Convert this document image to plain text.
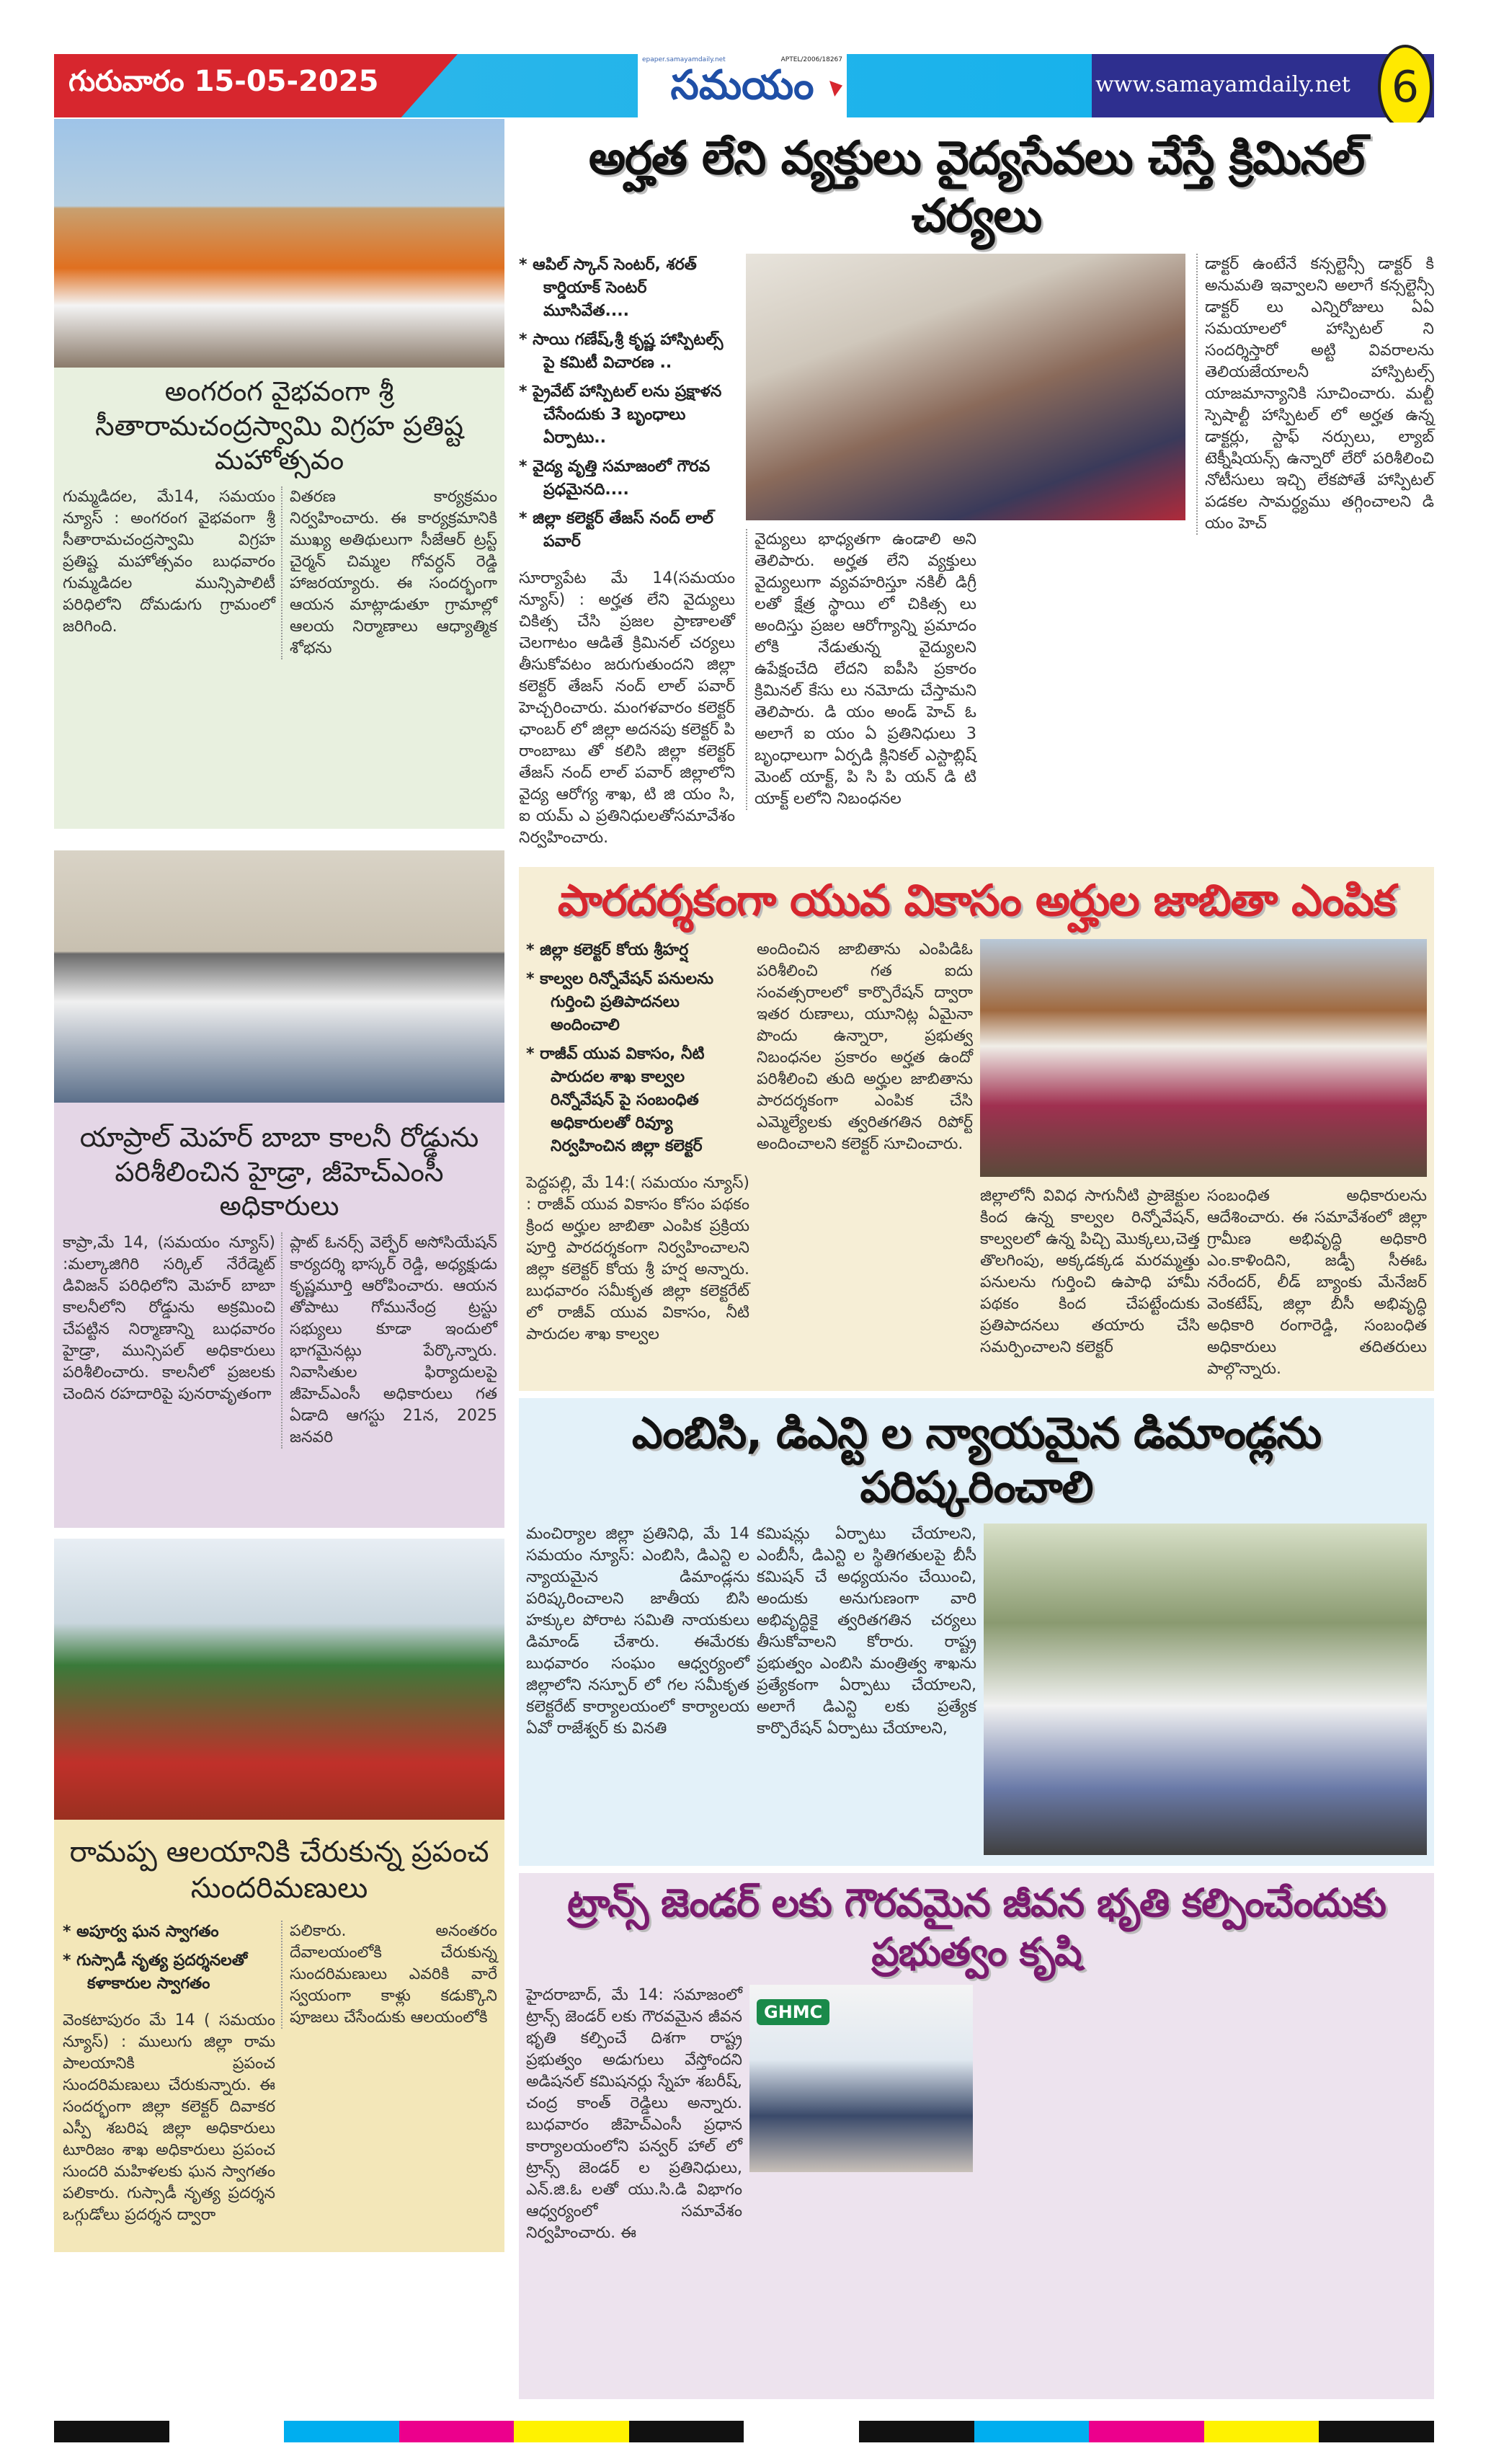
గురువారం 15-05-2025
epaper.samayamdaily.net	APTEL/2006/18267
సమయం	6
www.samayamdaily.net
అంగరంగ వైభవంగా శ్రీ సీతారామచంద్రస్వామి విగ్రహ ప్రతిష్ట మహోత్సవం
గుమ్మడిదల, మే14, సమయం న్యూస్ : అంగరంగ వైభవంగా శ్రీ సీతారామచంద్రస్వామి విగ్రహ ప్రతిష్ట మహోత్సవం బుధవారం గుమ్మడిదల మున్సిపాలిటీ పరిధిలోని దోమడుగు గ్రామంలో జరిగింది.
వితరణ కార్యక్రమం నిర్వహించారు. ఈ కార్యక్రమానికి ముఖ్య అతిథులుగా సీజేఆర్ ట్రస్ట్ చైర్మన్ చిమ్మల గోవర్ధన్ రెడ్డి హాజరయ్యారు. ఈ సందర్భంగా ఆయన మాట్లాడుతూ గ్రామాల్లో ఆలయ నిర్మాణాలు ఆధ్యాత్మిక శోభను
యాప్రాల్ మెహర్ బాబా కాలనీ రోడ్డును పరిశీలించిన హైడ్రా, జీహెచ్ఎంసీ అధికారులు
కాప్రా,మే 14, (సమయం న్యూస్) :మల్కాజిగిరి సర్కిల్ నేరేడ్మెట్ డివిజన్ పరిధిలోని మెహర్ బాబా కాలనీలోని రోడ్డును అక్రమించి చేపట్టిన నిర్మాణాన్ని బుధవారం హైడ్రా, మున్సిపల్ అధికారులు పరిశీలించారు. కాలనీలో ప్రజలకు చెందిన రహదారిపై పునరావృతంగా
ప్లాట్ ఓనర్స్ వెల్ఫేర్ అసోసియేషన్ కార్యదర్శి భాస్కర్ రెడ్డి, అధ్యక్షుడు కృష్ణమూర్తి ఆరోపించారు. ఆయన తోపాటు గోమునేంద్ర ట్రస్టు సభ్యులు కూడా ఇందులో భాగమైనట్లు పేర్కొన్నారు. నివాసితుల ఫిర్యాదులపై జీహెచ్ఎంసీ అధికారులు గత ఏడాది ఆగస్టు 21న, 2025 జనవరి
రామప్ప ఆలయానికి చేరుకున్న ప్రపంచ సుందరిమణులు
* అపూర్వ ఘన స్వాగతం
* గుస్సాడీ నృత్య ప్రదర్శనలతో కళాకారుల స్వాగతం
వెంకటాపురం మే 14 ( సమయం న్యూస్) : ములుగు జిల్లా రామ పాలయానికి ప్రపంచ సుందరిమణులు చేరుకున్నారు. ఈ సందర్భంగా జిల్లా కలెక్టర్ దివాకర ఎస్పీ శబరిష జిల్లా అధికారులు టూరిజం శాఖ అధికారులు ప్రపంచ సుందరి మహిళలకు ఘన స్వాగతం పలికారు. గుస్సాడీ నృత్య ప్రదర్శన ఒగ్గుడోలు ప్రదర్శన ద్వారా
పలికారు. అనంతరం దేవాలయంలోకి చేరుకున్న సుందరిమణులు ఎవరికి వారే స్వయంగా కాళ్లు కడుక్కొని పూజలు చేసేందుకు ఆలయంలోకి
అర్హత లేని వ్యక్తులు వైద్యసేవలు చేస్తే క్రిమినల్ చర్యలు
* ఆపిల్ స్కాన్ సెంటర్, శరత్ కార్డియాక్ సెంటర్ మూసివేత....
* సాయి గణేష్,శ్రీ కృష్ణ హాస్పిటల్స్ పై కమిటీ విచారణ ..
* ప్రైవేట్ హాస్పిటల్ లను ప్రక్షాళన చేసేందుకు 3 బృంధాలు ఏర్పాటు..
* వైద్య వృత్తి సమాజంలో గౌరవ ప్రధమైనది....
* జిల్లా కలెక్టర్ తేజస్ నంద్ లాల్ పవార్
సూర్యాపేట మే 14(సమయం న్యూస్) : అర్హత లేని వైద్యులు చికిత్స చేసి ప్రజల ప్రాణాలతో చెలగాటం ఆడితే క్రిమినల్ చర్యలు తీసుకోవటం జరుగుతుందని జిల్లా కలెక్టర్ తేజస్ నంద్ లాల్ పవార్ హెచ్చరించారు. మంగళవారం కలెక్టర్ ఛాంబర్ లో జిల్లా అదనపు కలెక్టర్ పి రాంబాబు తో కలిసి జిల్లా కలెక్టర్ తేజస్ నంద్ లాల్ పవార్ జిల్లాలోని వైద్య ఆరోగ్య శాఖ, టి జి యం సి, ఐ యమ్ ఎ ప్రతినిధులతోసమావేశం నిర్వహించారు.
వైద్యులు భాధ్యతగా ఉండాలి అని తెలిపారు. అర్హత లేని వ్యక్తులు వైద్యులుగా వ్యవహరిస్తూ నకిలీ డిగ్రీ లతో క్షేత్ర స్థాయి లో చికిత్స లు అందిస్తు ప్రజల ఆరోగ్యాన్ని ప్రమాదం లోకి నేడుతున్న వైద్యులని ఉపేక్షంచేది లేదని ఐపీసి ప్రకారం క్రిమినల్ కేసు లు నమోదు చేస్తామని తెలిపారు. డి యం అండ్ హెచ్ ఓ అలాగే ఐ యం ఏ ప్రతినిధులు 3 బృంధాలుగా ఏర్పడి క్లినికల్ ఎస్టాబ్లిష్ మెంట్ యాక్ట్, పి సి పి యన్ డి టి యాక్ట్ లలోని నిబంధనల
డాక్టర్ ఉంటేనే కన్సల్టెన్సీ డాక్టర్ కి అనుమతి ఇవ్వాలని అలాగే కన్సల్టెన్సీ డాక్టర్ లు ఎన్నిరోజులు ఏఏ సమయాలలో హాస్పిటల్ ని సందర్శిస్తారో అట్టి వివరాలను తెలియజేయాలనీ హాస్పిటల్స్ యాజమాన్యానికి సూచించారు. మల్టీ స్పెషాల్టీ హాస్పిటల్ లో అర్హత ఉన్న డాక్టర్లు, స్టాఫ్ నర్సులు, ల్యాబ్ టెక్నీషియన్స్ ఉన్నారో లేరో పరిశీలించి నోటీసులు ఇచ్చి లేకపోతే హాస్పిటల్ పడకల సామర్ధ్యము తగ్గించాలని డి యం హెచ్
పారదర్శకంగా యువ వికాసం అర్హుల జాబితా ఎంపిక
* జిల్లా కలెక్టర్ కోయ శ్రీహర్ష
* కాల్వల రిన్నోవేషన్ పనులను గుర్తించి ప్రతిపాదనలు అందించాలి
* రాజీవ్ యువ వికాసం, నీటి పారుదల శాఖ కాల్వల రిన్నోవేషన్ పై సంబంధిత అధికారులతో రివ్యూ నిర్వహించిన జిల్లా కలెక్టర్
పెద్దపల్లి, మే 14:( సమయం న్యూస్) : రాజీవ్ యువ వికాసం కోసం పథకం క్రింద అర్హుల జాబితా ఎంపిక ప్రక్రియ పూర్తి పారదర్శకంగా నిర్వహించాలని జిల్లా కలెక్టర్ కోయ శ్రీ హర్ష అన్నారు. బుధవారం సమీకృత జిల్లా కలెక్టరేట్ లో రాజీవ్ యువ వికాసం, నీటి పారుదల శాఖ కాల్వల
అందించిన జాబితాను ఎంపిడిఓ పరిశీలించి గత ఐదు సంవత్సరాలలో కార్పొరేషన్ ద్వారా ఇతర రుణాలు, యూనిట్ల ఏమైనా పొందు ఉన్నారా, ప్రభుత్వ నిబంధనల ప్రకారం అర్హత ఉందో పరిశీలించి తుది అర్హుల జాబితాను పారదర్శకంగా ఎంపిక చేసి ఎమ్మెల్యేలకు త్వరితగతిన రిపోర్ట్ అందించాలని కలెక్టర్ సూచించారు.
జిల్లాలోనీ వివిధ సాగునీటి ప్రాజెక్టుల కింద ఉన్న కాల్వల రిన్నోవేషన్, కాల్వలలో ఉన్న పిచ్చి మొక్కలు,చెత్త తొలగింపు, అక్కడక్కడ మరమ్మత్తు పనులను గుర్తించి ఉపాధి హామీ పథకం కింద చేపట్టేందుకు ప్రతిపాదనలు తయారు చేసి సమర్పించాలని కలెక్టర్
సంబంధిత అధికారులను ఆదేశించారు. ఈ సమావేశంలో జిల్లా గ్రామీణ అభివృద్ధి అధికారి ఎం.కాళిందిని, జడ్పీ సీఈఓ నరేందర్, లీడ్ బ్యాంకు మేనేజర్ వెంకటేష్, జిల్లా బీసీ అభివృద్ధి అధికారి రంగారెడ్డి, సంబంధిత అధికారులు తదితరులు పాల్గొన్నారు.
ఎంబిసి, డిఎన్టి ల న్యాయమైన డిమాండ్లను పరిష్కరించాలి
మంచిర్యాల జిల్లా ప్రతినిధి, మే 14 సమయం న్యూస్: ఎంబిసి, డిఎన్టి ల న్యాయమైన డిమాండ్లను పరిష్కరించాలని జాతీయ బిసి హక్కుల పోరాట సమితి నాయకులు డిమాండ్ చేశారు. ఈమేరకు బుధవారం సంఘం ఆధ్వర్యంలో జిల్లాలోని నస్పూర్ లో గల సమీకృత కలెక్టరేట్ కార్యాలయంలో కార్యాలయ ఏవో రాజేశ్వర్ కు వినతి
కమిషన్లు ఏర్పాటు చేయాలని, ఎంబీసీ, డిఎన్టి ల స్థితిగతులపై బీసీ కమిషన్ చే అధ్యయనం చేయించి, అందుకు అనుగుణంగా వారి అభివృద్ధికై త్వరితగతిన చర్యలు తీసుకోవాలని కోరారు. రాష్ట్ర ప్రభుత్వం ఎంబిసి మంత్రిత్వ శాఖను ప్రత్యేకంగా ఏర్పాటు చేయాలని, అలాగే డిఎన్టి లకు ప్రత్యేక కార్పొరేషన్ ఏర్పాటు చేయాలని,
ట్రాన్స్ జెండర్ లకు గౌరవమైన జీవన భృతి కల్పించేందుకు ప్రభుత్వం కృషి
హైదరాబాద్, మే 14: సమాజంలో ట్రాన్స్ జెండర్ లకు గౌరవమైన జీవన భృతి కల్పించే దిశగా రాష్ట్ర ప్రభుత్వం అడుగులు వేస్తోందని అడిషనల్ కమిషనర్లు స్నేహ శబరీష్, చంద్ర కాంత్ రెడ్డిలు అన్నారు. బుధవారం జీహెచ్ఎంసీ ప్రధాన కార్యాలయంలోని పన్వర్ హాల్ లో ట్రాన్స్ జెండర్ ల ప్రతినిధులు, ఎన్.జి.ఓ లతో యు.సి.డి విభాగం ఆధ్వర్యంలో సమావేశం నిర్వహించారు. ఈ
GHMC
